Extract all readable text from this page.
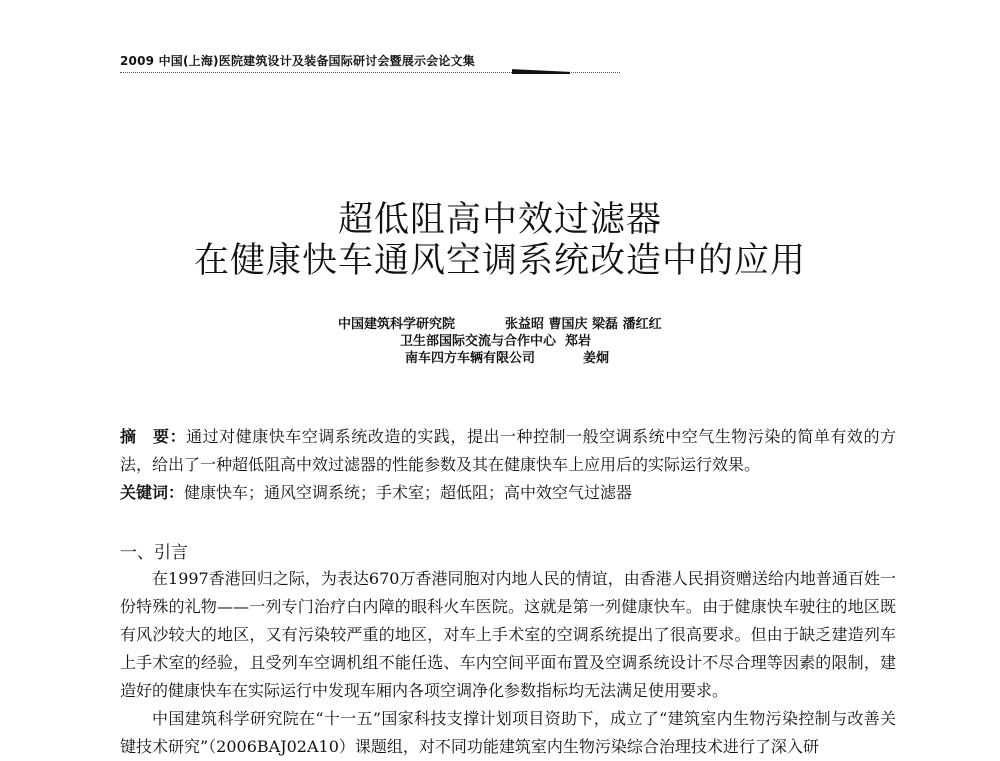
2009 中国(上海)医院建筑设计及装备国际研讨会暨展示会论文集
超低阻高中效过滤器
在健康快车通风空调系统改造中的应用
中国建筑科学研究院	张益昭 曹国庆 梁磊 潘红红
卫生部国际交流与合作中心 郑岩
南车四方车辆有限公司	姜炯
摘　要：通过对健康快车空调系统改造的实践，提出一种控制一般空调系统中空气生物污染的简单有效的方法，给出了一种超低阻高中效过滤器的性能参数及其在健康快车上应用后的实际运行效果。
关键词：健康快车；通风空调系统；手术室；超低阻；高中效空气过滤器
一、引言
在1997香港回归之际，为表达670万香港同胞对内地人民的情谊，由香港人民捐资赠送给内地普通百姓一份特殊的礼物——一列专门治疗白内障的眼科火车医院。这就是第一列健康快车。由于健康快车驶往的地区既有风沙较大的地区，又有污染较严重的地区，对车上手术室的空调系统提出了很高要求。但由于缺乏建造列车上手术室的经验，且受列车空调机组不能任选、车内空间平面布置及空调系统设计不尽合理等因素的限制，建造好的健康快车在实际运行中发现车厢内各项空调净化参数指标均无法满足使用要求。
中国建筑科学研究院在“十一五”国家科技支撑计划项目资助下，成立了“建筑室内生物污染控制与改善关键技术研究”（2006BAJ02A10）课题组，对不同功能建筑室内生物污染综合治理技术进行了深入研
